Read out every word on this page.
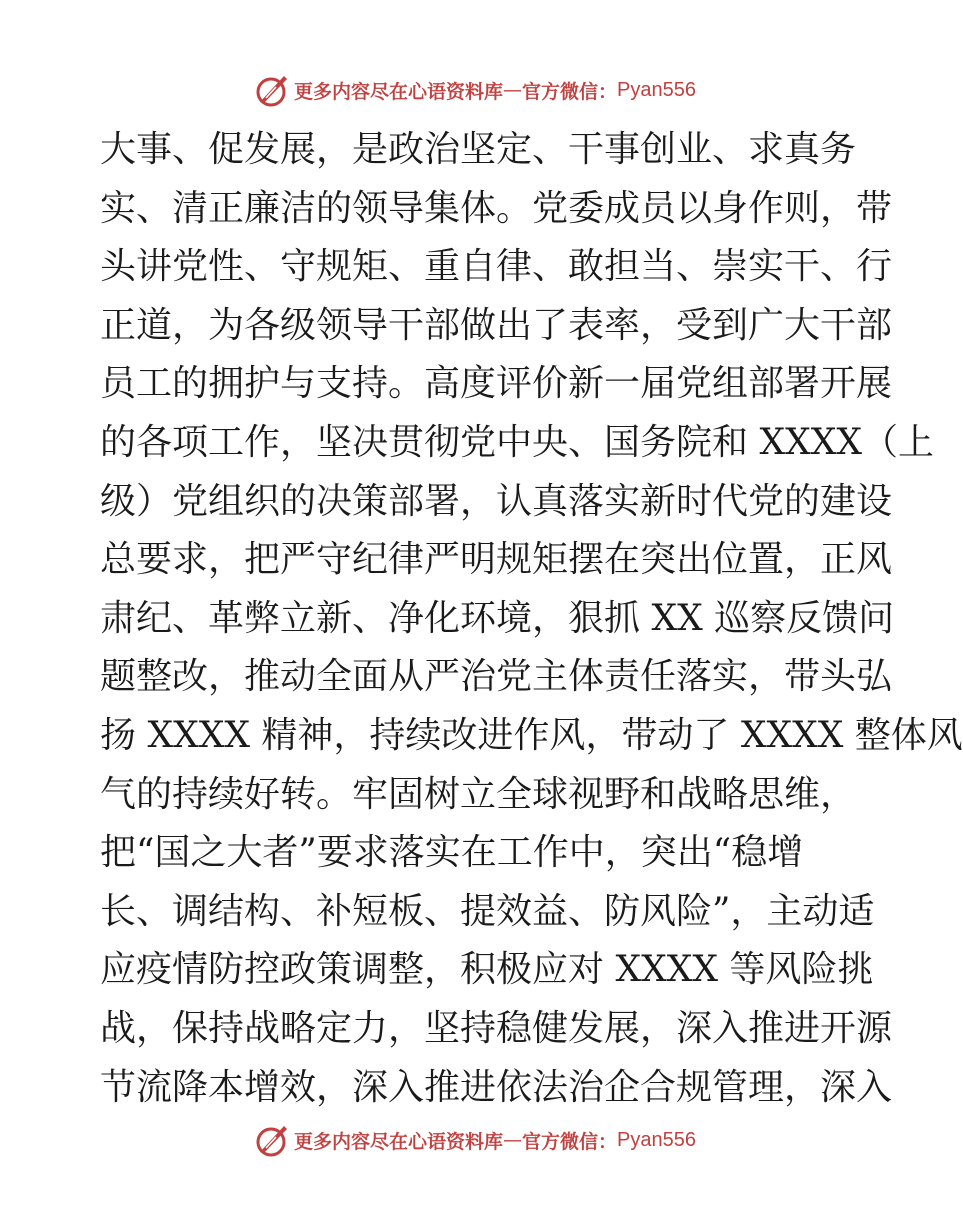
更多内容尽在心语资料库 — 官方微信： Pyan556
大事、促发展，是政治坚定、干事创业、求真务
实、清正廉洁的领导集体。党委成员以身作则，带
头讲党性、守规矩、重自律、敢担当、崇实干、行
正道，为各级领导干部做出了表率，受到广大干部
员工的拥护与支持。高度评价新一届党组部署开展
的各项工作，坚决贯彻党中央、国务院和 XXXX（上
级）党组织的决策部署，认真落实新时代党的建设
总要求，把严守纪律严明规矩摆在突出位置，正风
肃纪、革弊立新、净化环境，狠抓 XX 巡察反馈问
题整改，推动全面从严治党主体责任落实，带头弘
扬 XXXX 精神，持续改进作风，带动了 XXXX 整体风
气的持续好转。牢固树立全球视野和战略思维，
把“国之大者”要求落实在工作中，突出“稳增
长、调结构、补短板、提效益、防风险”，主动适
应疫情防控政策调整，积极应对 XXXX 等风险挑
战，保持战略定力，坚持稳健发展，深入推进开源
节流降本增效，深入推进依法治企合规管理，深入
更多内容尽在心语资料库 — 官方微信： Pyan556
